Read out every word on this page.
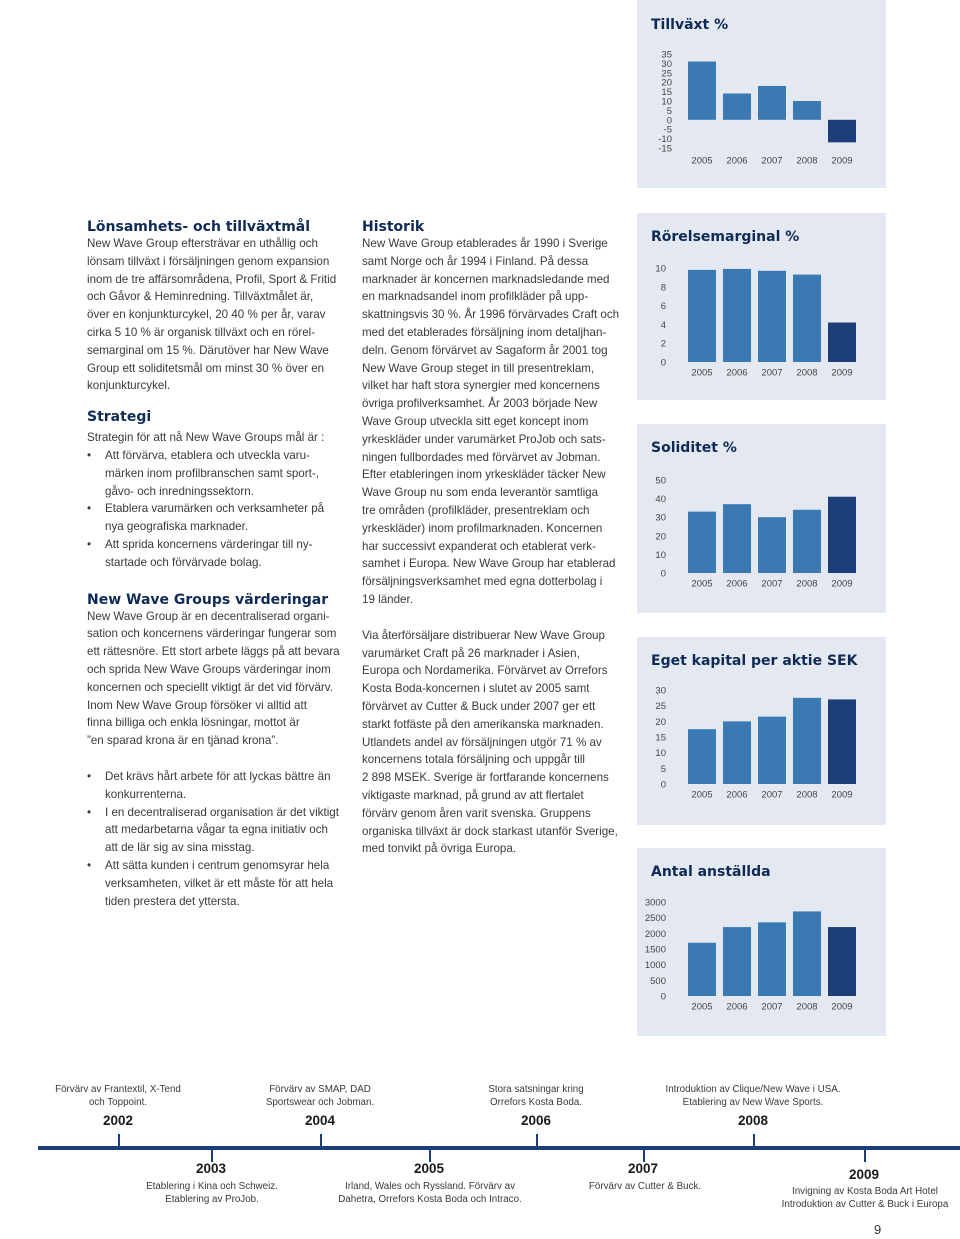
Lönsamhets- och tillväxtmål
New Wave Group eftersträvar en uthållig och
lönsam tillväxt i försäljningen genom expansion
inom de tre affärsområdena, Profil, Sport & Fritid
och Gåvor & Heminredning. Tillväxtmålet är,
över en konjunkturcykel, 20 40 % per år, varav
cirka 5 10 % är organisk tillväxt och en rörel-
semarginal om 15 %. Därutöver har New Wave
Group ett soliditetsmål om minst 30 % över en
konjunkturcykel.
Strategi
Strategin för att nå New Wave Groups mål är :
• Att förvärva, etablera och utveckla varu-
märken inom profilbranschen samt sport-,
gåvo- och inredningssektorn.
• Etablera varumärken och verksamheter på
nya geografiska marknader.
• Att sprida koncernens värderingar till ny-
startade och förvärvade bolag.
New Wave Groups värderingar
New Wave Group är en decentraliserad organi-
sation och koncernens värderingar fungerar som
ett rättesnöre. Ett stort arbete läggs på att bevara
och sprida New Wave Groups värderingar inom
koncernen och speciellt viktigt är det vid förvärv.
Inom New Wave Group försöker vi alltid att
finna billiga och enkla lösningar, mottot är
”en sparad krona är en tjänad krona”.
• Det krävs hårt arbete för att lyckas bättre än
konkurrenterna.
• I en decentraliserad organisation är det viktigt
att medarbetarna vågar ta egna initiativ och
att de lär sig av sina misstag.
• Att sätta kunden i centrum genomsyrar hela
verksamheten, vilket är ett måste för att hela
tiden prestera det yttersta.
Historik
New Wave Group etablerades år 1990 i Sverige
samt Norge och år 1994 i Finland. På dessa
marknader är koncernen marknadsledande med
en marknadsandel inom profilkläder på upp-
skattningsvis 30 %. År 1996 förvärvades Craft och
med det etablerades försäljning inom detaljhan-
deln. Genom förvärvet av Sagaform år 2001 tog
New Wave Group steget in till presentreklam,
vilket har haft stora synergier med koncernens
övriga profilverksamhet. År 2003 började New
Wave Group utveckla sitt eget koncept inom
yrkeskläder under varumärket ProJob och sats-
ningen fullbordades med förvärvet av Jobman.
Efter etableringen inom yrkeskläder täcker New
Wave Group nu som enda leverantör samtliga
tre områden (profilkläder, presentreklam och
yrkeskläder) inom profilmarknaden. Koncernen
har successivt expanderat och etablerat verk-
samhet i Europa. New Wave Group har etablerad
försäljningsverksamhet med egna dotterbolag i
19 länder.
Via återförsäljare distribuerar New Wave Group
varumärket Craft på 26 marknader i Asien,
Europa och Nordamerika. Förvärvet av Orrefors
Kosta Boda-koncernen i slutet av 2005 samt
förvärvet av Cutter & Buck under 2007 ger ett
starkt fotfäste på den amerikanska marknaden.
Utlandets andel av försäljningen utgör 71 % av
koncernens totala försäljning och uppgår till
2 898 MSEK. Sverige är fortfarande koncernens
viktigaste marknad, på grund av att flertalet
förvärv genom åren varit svenska. Gruppens
organiska tillväxt är dock starkast utanför Sverige,
med tonvikt på övriga Europa.
Tillväxt %
35
30
25
20
15
10
5
0
-5
-10
-15
2005 2006 2007 2008 2009
Rörelsemarginal %
10
8
6
4
2
0
2005 2006 2007 2008 2009
Soliditet %
50
40
30
20
10
0
2005 2006 2007 2008 2009
Eget kapital per aktie SEK
30
25
20
15
10
5
0
2005 2006 2007 2008 2009
Antal anställda
3000
2500
2000
1500
1000
500
0
2005 2006 2007 2008 2009
Förvärv av Frantextil, X-Tend
och Toppoint.
2002
Förvärv av SMAP, DAD
Sportswear och Jobman.
2004
Stora satsningar kring
Orrefors Kosta Boda.
2006
Introduktion av Clique/New Wave i USA.
Etablering av New Wave Sports.
2008
2003
Etablering i Kina och Schweiz.
Etablering av ProJob.
2005
Irland, Wales och Ryssland. Förvärv av
Dahetra, Orrefors Kosta Boda och Intraco.
2007
Förvärv av Cutter & Buck.
2009
Invigning av Kosta Boda Art Hotel
Introduktion av Cutter & Buck i Europa
9
